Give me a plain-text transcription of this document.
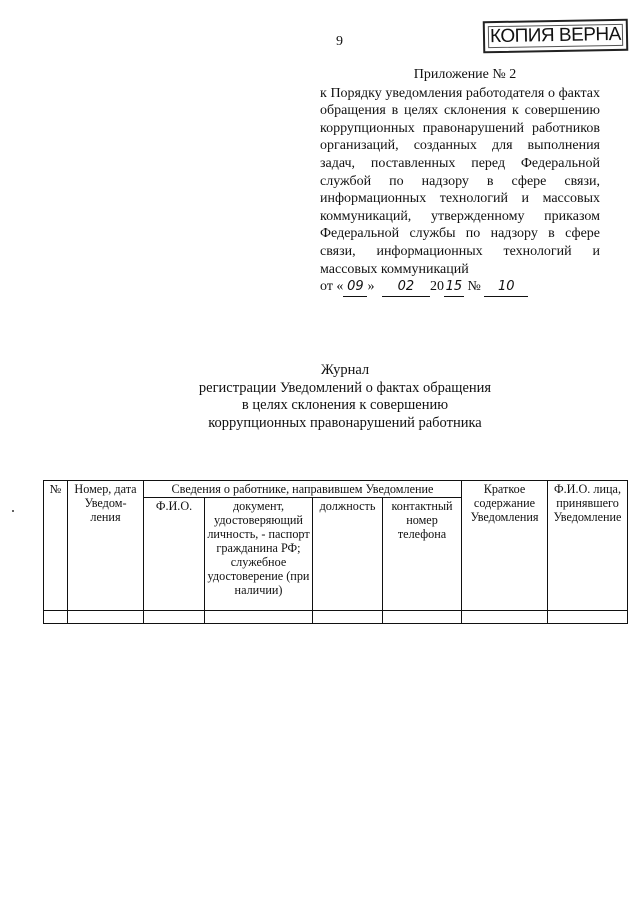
9	КОПИЯ ВЕРНА
Приложение № 2
к Порядку уведомления работодателя о фактах обращения в целях склонения к совершению коррупционных правонарушений работников организаций, созданных для выполнения задач, поставленных перед Федеральной службой по надзору в сфере связи, информационных технологий и массовых коммуникаций, утвержденному приказом Федеральной службы по надзору в сфере связи, информационных технологий и массовых коммуникаций
от « 09 » 02 20 15 № 10
Журнал
регистрации Уведомлений о фактах обращения
в целях склонения к совершению
коррупционных правонарушений работника
№	Номер, дата Уведом-ления	Сведения о работнике, направившем Уведомление				Краткое содержание Уведомления	Ф.И.О. лица, принявшего Уведомление
		Ф.И.О.	документ, удостоверяющий личность, - паспорт гражданина РФ; служебное удостоверение (при наличии)	должность	контактный номер телефона		
